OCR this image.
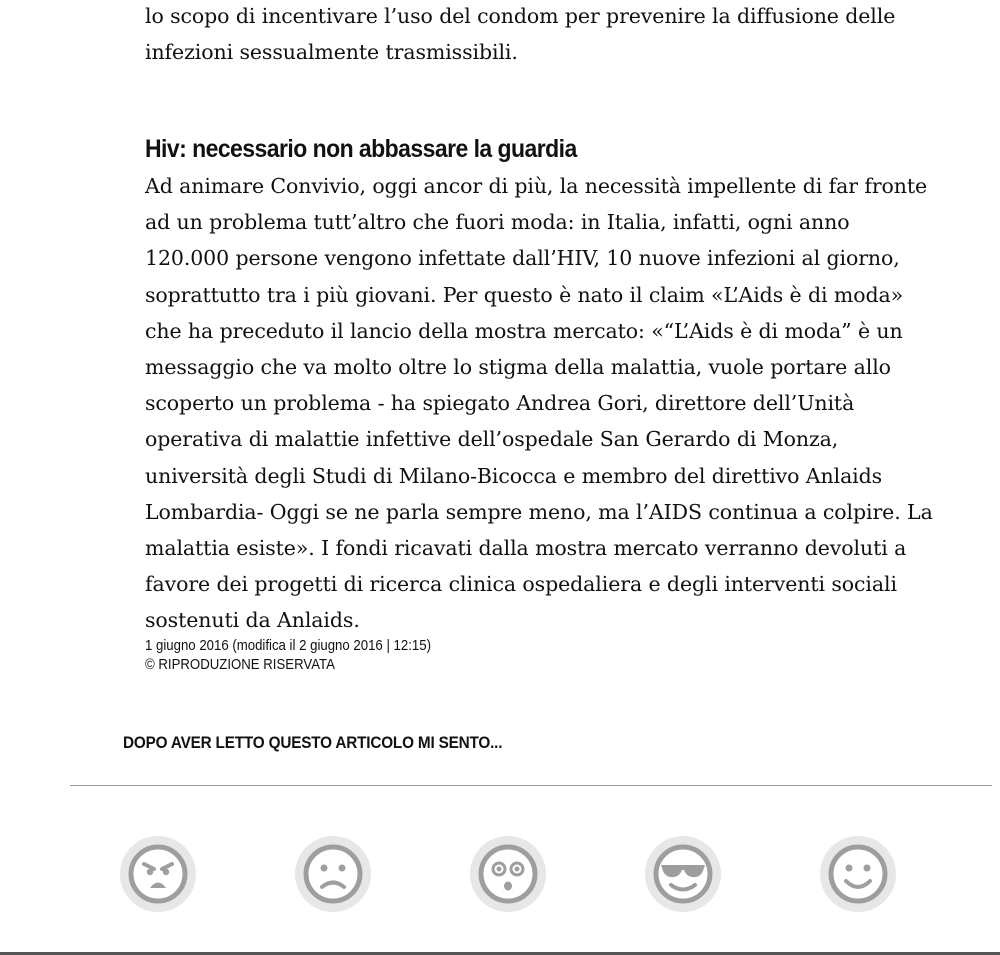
lo scopo di incentivare l’uso del condom per prevenire la diffusione delle infezioni sessualmente trasmissibili.

Hiv: necessario non abbassare la guardia

Ad animare Convivio, oggi ancor di più, la necessità impellente di far fronte ad un problema tutt’altro che fuori moda: in Italia, infatti, ogni anno 120.000 persone vengono infettate dall’HIV, 10 nuove infezioni al giorno, soprattutto tra i più giovani. Per questo è nato il claim «L’Aids è di moda» che ha preceduto il lancio della mostra mercato: «“L’Aids è di moda” è un messaggio che va molto oltre lo stigma della malattia, vuole portare allo scoperto un problema - ha spiegato Andrea Gori, direttore dell’Unità operativa di malattie infettive dell’ospedale San Gerardo di Monza, università degli Studi di Milano-Bicocca e membro del direttivo Anlaids Lombardia- Oggi se ne parla sempre meno, ma l’AIDS continua a colpire. La malattia esiste». I fondi ricavati dalla mostra mercato verranno devoluti a favore dei progetti di ricerca clinica ospedaliera e degli interventi sociali sostenuti da Anlaids.

1 giugno 2016 (modifica il 2 giugno 2016 | 12:15)
© RIPRODUZIONE RISERVATA
DOPO AVER LETTO QUESTO ARTICOLO MI SENTO...
